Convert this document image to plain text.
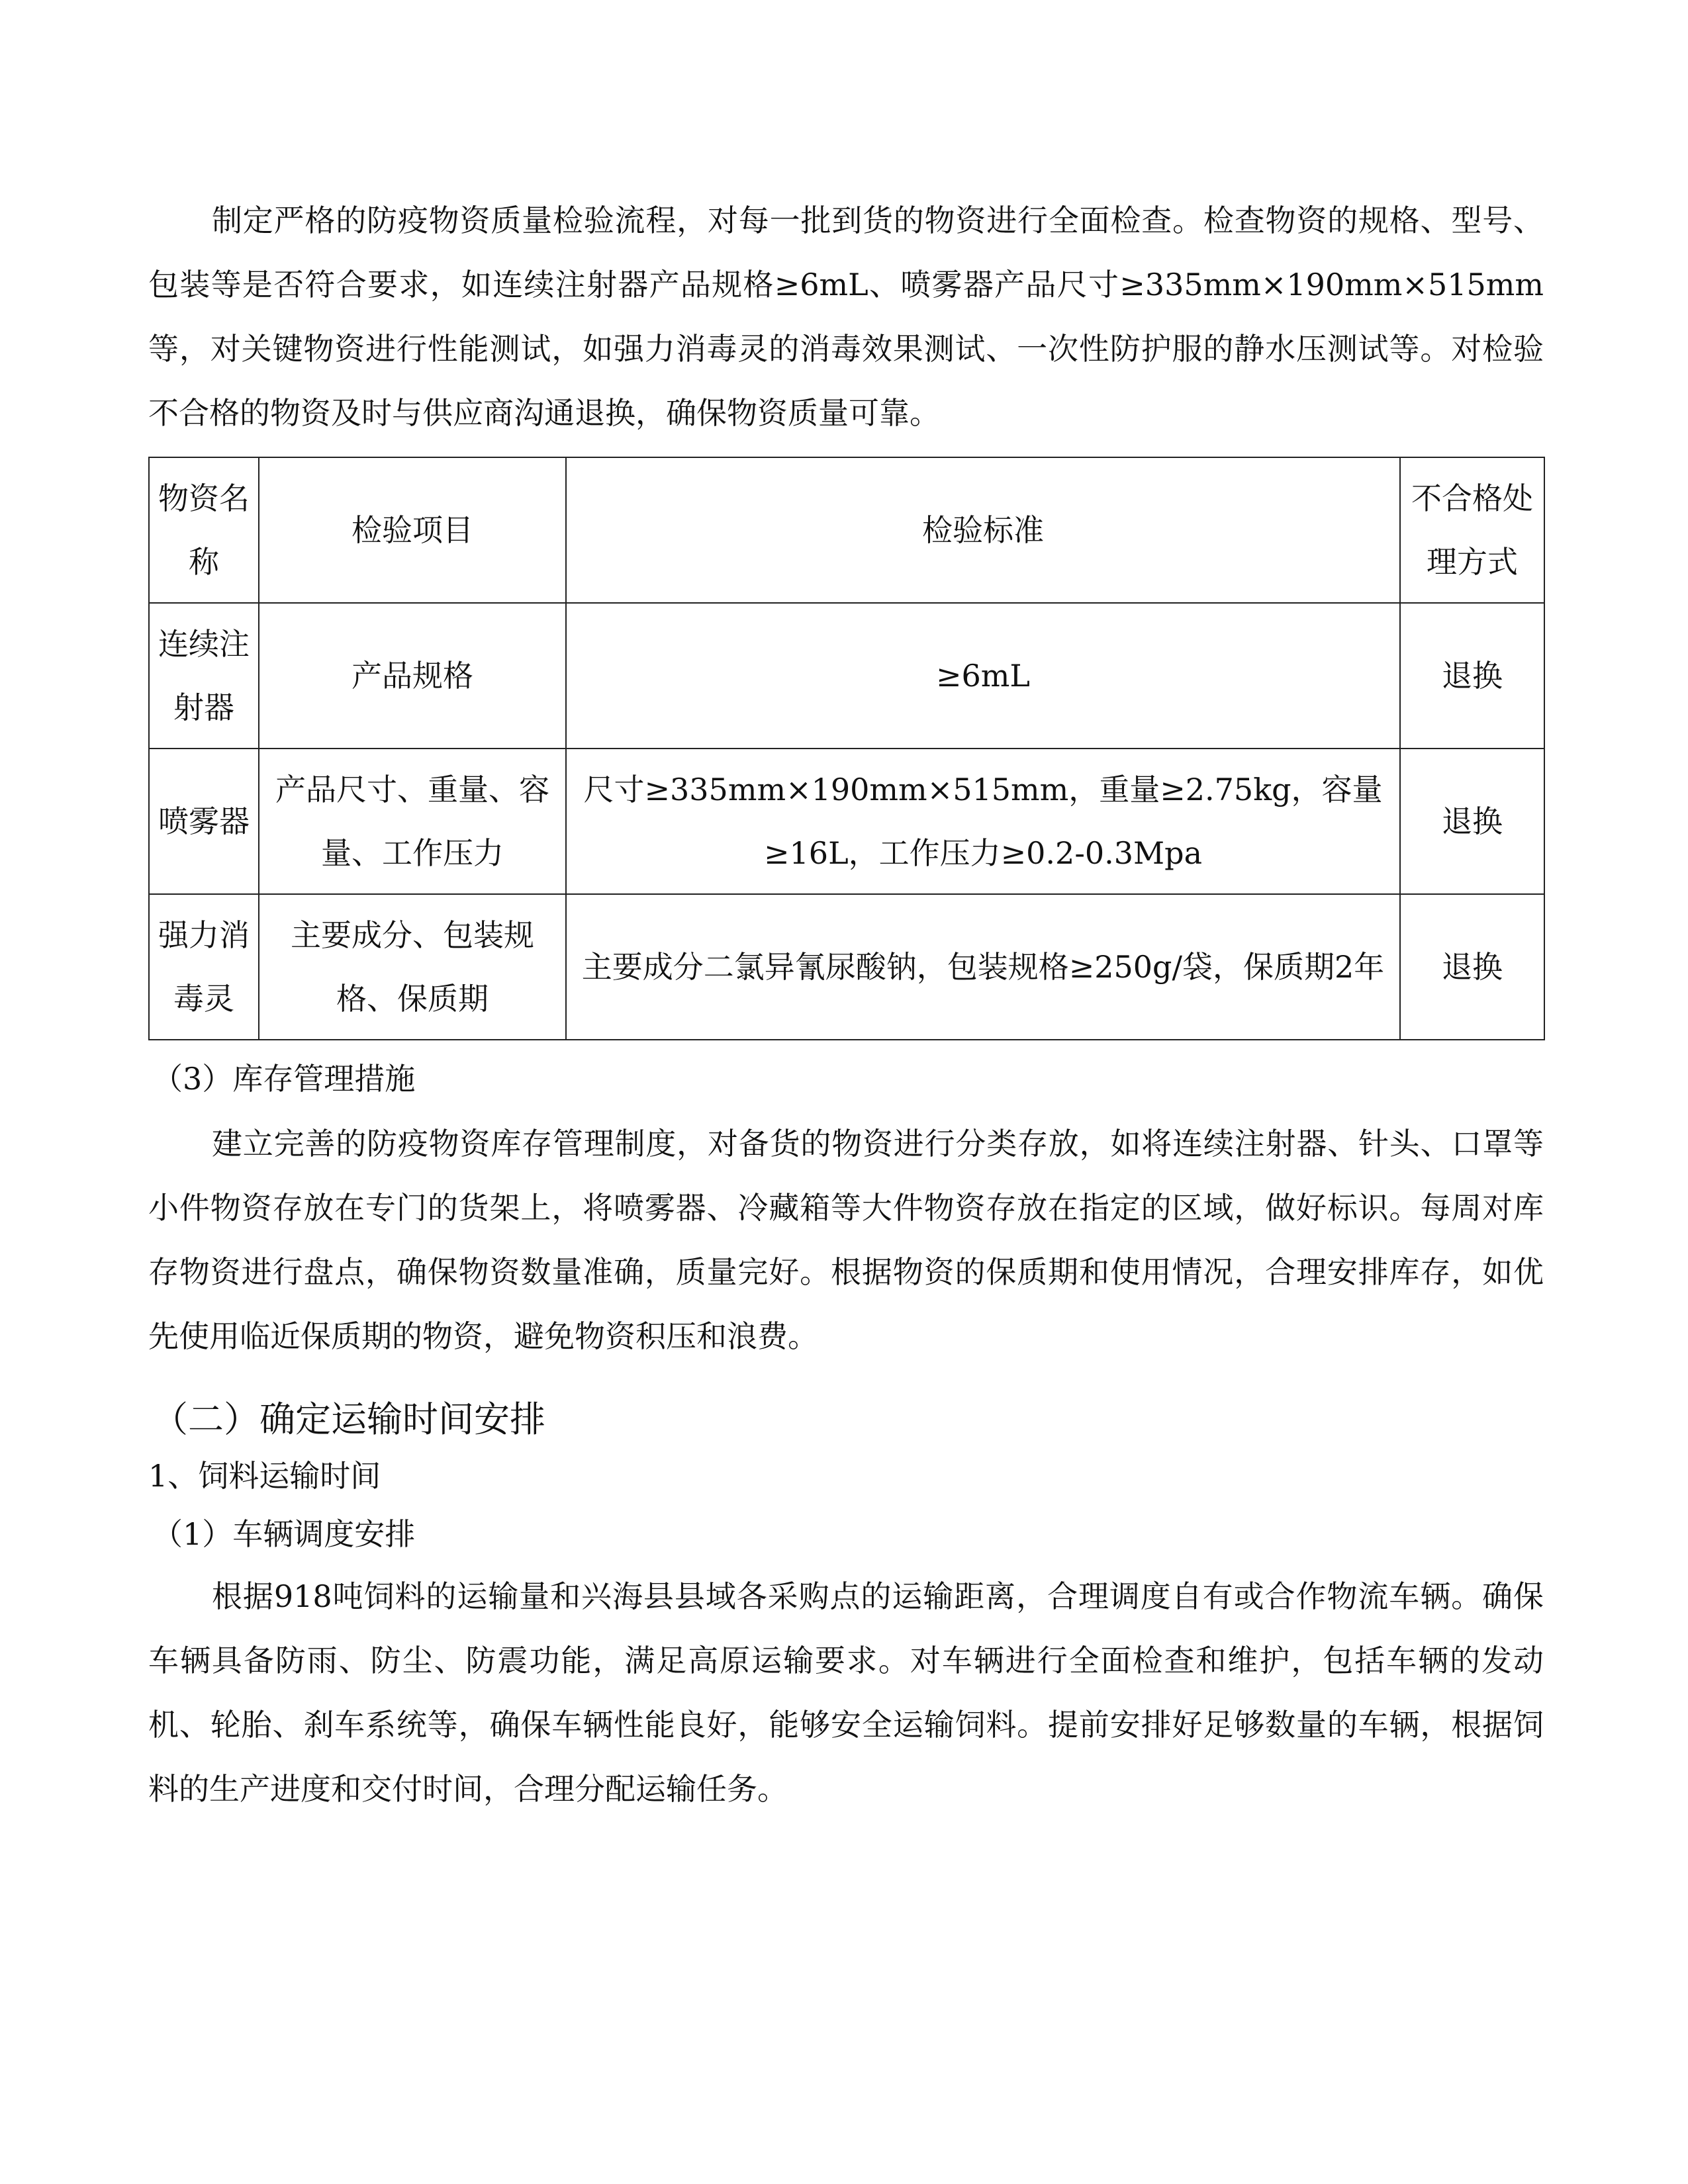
制定严格的防疫物资质量检验流程，对每一批到货的物资进行全面检查。检查物资的规格、型号、包装等是否符合要求，如连续注射器产品规格≥6mL、喷雾器产品尺寸≥335mm×190mm×515mm等，对关键物资进行性能测试，如强力消毒灵的消毒效果测试、一次性防护服的静水压测试等。对检验不合格的物资及时与供应商沟通退换，确保物资质量可靠。

物资名称	检验项目	检验标准	不合格处理方式
连续注射器	产品规格	≥6mL	退换
喷雾器	产品尺寸、重量、容量、工作压力	尺寸≥335mm×190mm×515mm，重量≥2.75kg，容量≥16L，工作压力≥0.2-0.3Mpa	退换
强力消毒灵	主要成分、包装规格、保质期	主要成分二氯异氰尿酸钠，包装规格≥250g/袋，保质期2年	退换

（3）库存管理措施

建立完善的防疫物资库存管理制度，对备货的物资进行分类存放，如将连续注射器、针头、口罩等小件物资存放在专门的货架上，将喷雾器、冷藏箱等大件物资存放在指定的区域，做好标识。每周对库存物资进行盘点，确保物资数量准确，质量完好。根据物资的保质期和使用情况，合理安排库存，如优先使用临近保质期的物资，避免物资积压和浪费。

（二）确定运输时间安排

1、饲料运输时间

（1）车辆调度安排

根据918吨饲料的运输量和兴海县县域各采购点的运输距离，合理调度自有或合作物流车辆。确保车辆具备防雨、防尘、防震功能，满足高原运输要求。对车辆进行全面检查和维护，包括车辆的发动机、轮胎、刹车系统等，确保车辆性能良好，能够安全运输饲料。提前安排好足够数量的车辆，根据饲料的生产进度和交付时间，合理分配运输任务。
